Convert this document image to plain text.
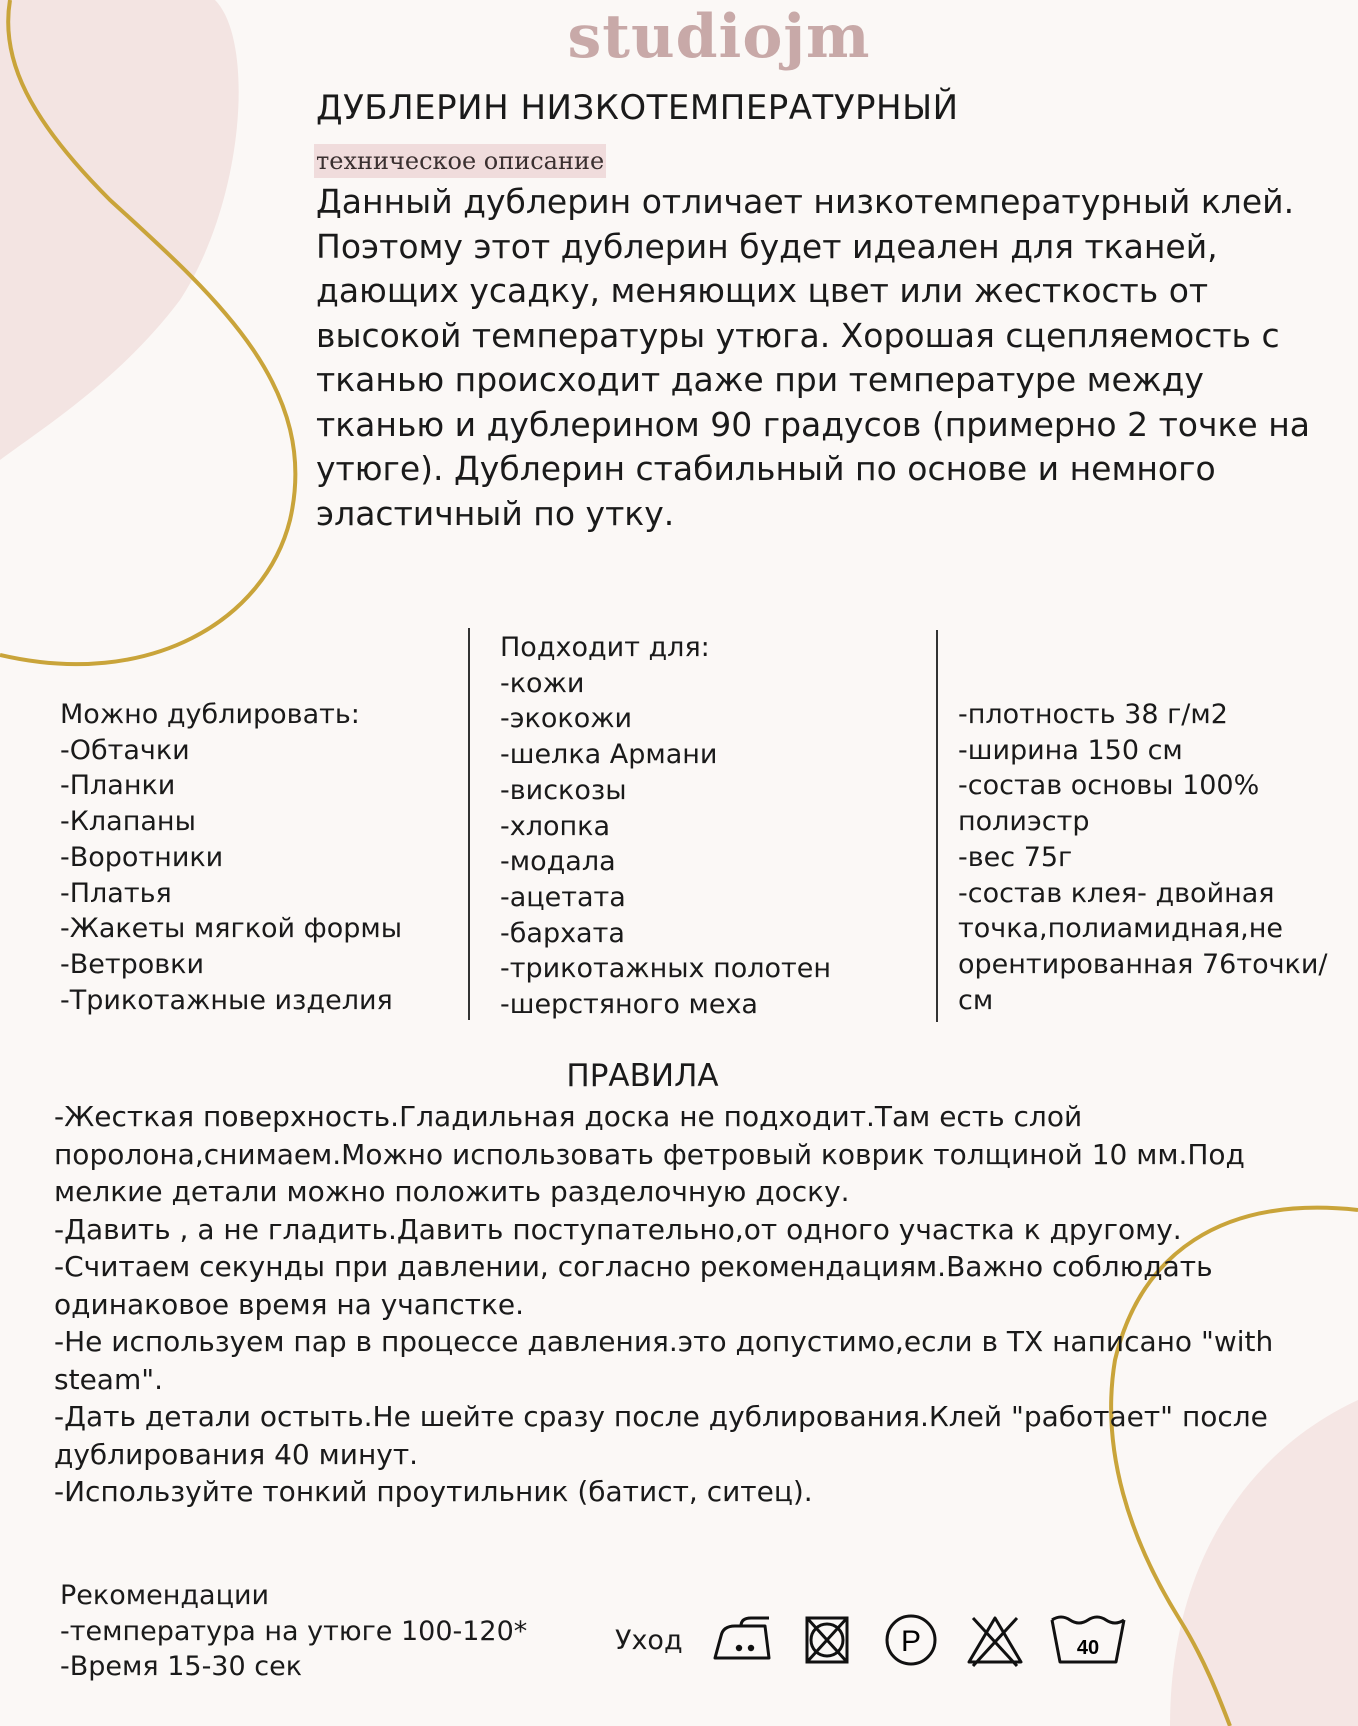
studiojm
ДУБЛЕРИН НИЗКОТЕМПЕРАТУРНЫЙ
техническое описание

Данный дублерин отличает низкотемпературный клей.
Поэтому этот дублерин будет идеален для тканей, дающих усадку, меняющих цвет или жесткость от высокой температуры утюга. Хорошая сцепляемость с тканью происходит даже при температуре между тканью и дублерином 90 градусов (примерно 2 точке на утюге). Дублерин стабильный по основе и немного эластичный по утку.

Можно дублировать:
-Обтачки
-Планки
-Клапаны
-Воротники
-Платья
-Жакеты мягкой формы
-Ветровки
-Трикотажные изделия
Подходит для:
-кожи
-экокожи
-шелка Армани
-вискозы
-хлопка
-модала
-ацетата
-бархата
-трикотажных полотен
-шерстяного меха
-плотность 38 г/м2
-ширина 150 см
-состав основы 100% полиэстр
-вес 75г
-состав клея- двойная точка,полиамидная,не орентированная 76точки/см
ПРАВИЛА

-Жесткая поверхность.Гладильная доска не подходит.Там есть слой поролона,снимаем.Можно использовать фетровый коврик толщиной 10 мм.Под мелкие детали можно положить разделочную доску.
-Давить , а не гладить.Давить поступательно,от одного участка к другому.
-Считаем секунды при давлении, согласно рекомендациям.Важно соблюдать одинаковое время на учапстке.
-Не используем пар в процессе давления.это допустимо,если в ТХ написано "with steam".
-Дать детали остыть.Не шейте сразу после дублирования.Клей "работает" после дублирования 40 минут.
-Используйте тонкий проутильник (батист, ситец).

Рекомендации
-температура на утюге 100-120*
-Время 15-30 сек
Уход	P	40
